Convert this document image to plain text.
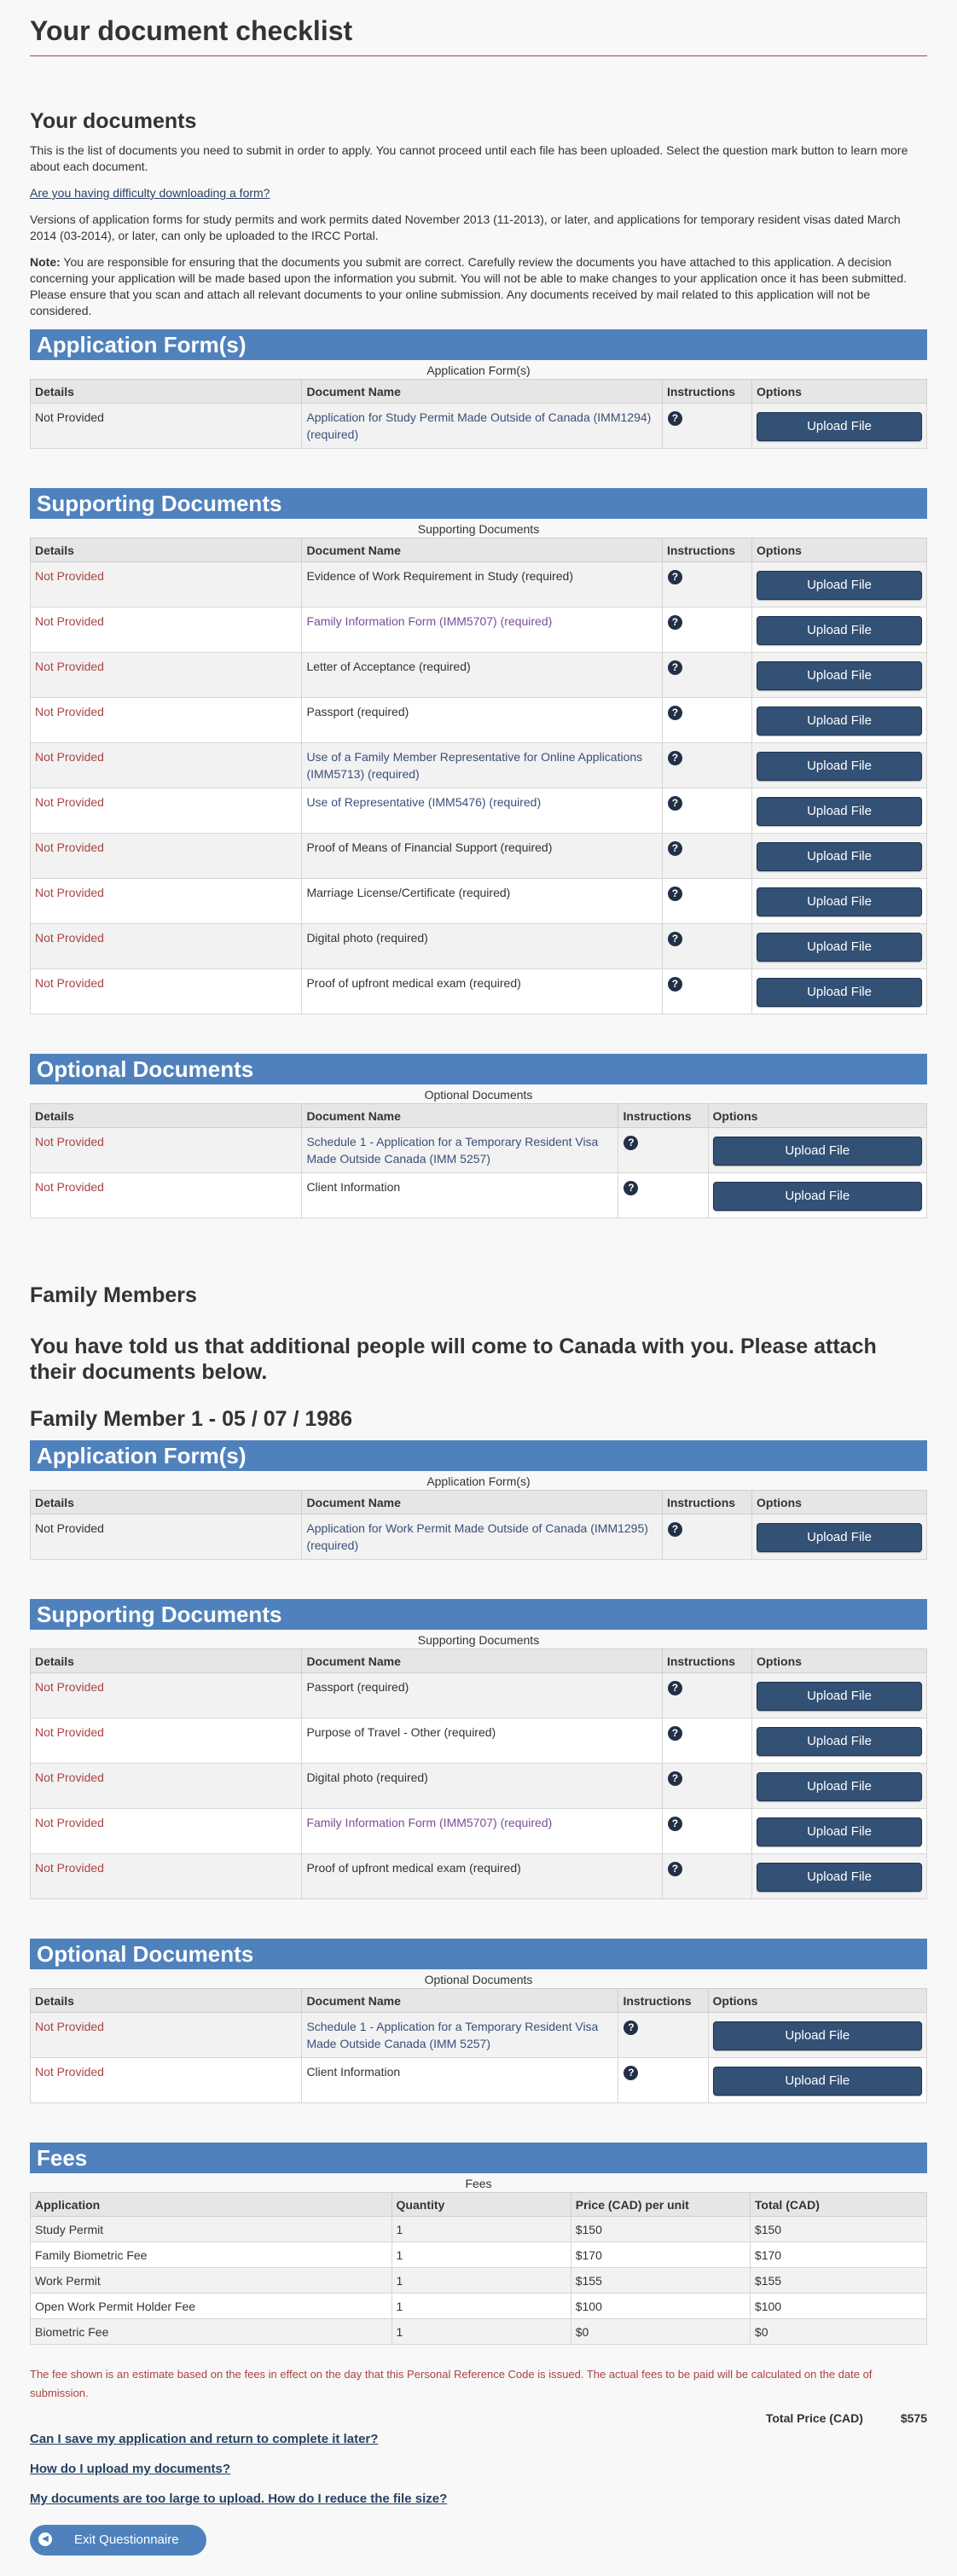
Your document checklist
Your documents

This is the list of documents you need to submit in order to apply. You cannot proceed until each file has been uploaded. Select the question mark button to learn more about each document.

Are you having difficulty downloading a form?

Versions of application forms for study permits and work permits dated November 2013 (11-2013), or later, and applications for temporary resident visas dated March 2014 (03-2014), or later, can only be uploaded to the IRCC Portal.

Note: You are responsible for ensuring that the documents you submit are correct. Carefully review the documents you have attached to this application. A decision concerning your application will be made based upon the information you submit. You will not be able to make changes to your application once it has been submitted. Please ensure that you scan and attach all relevant documents to your online submission. Any documents received by mail related to this application will not be considered.

Application Form(s)
Application Form(s)
Details	Document Name	Instructions	Options
Not Provided	Application for Study Permit Made Outside of Canada (IMM1294) (required)	?	Upload File
Supporting Documents
Supporting Documents
Details	Document Name	Instructions	Options
Not Provided	Evidence of Work Requirement in Study (required)	?	Upload File

Not Provided	Family Information Form (IMM5707) (required)	?	Upload File

Not Provided	Letter of Acceptance (required)	?	Upload File

Not Provided	Passport (required)	?	Upload File

Not Provided	Use of a Family Member Representative for Online Applications (IMM5713) (required)	?	Upload File

Not Provided	Use of Representative (IMM5476) (required)	?	Upload File

Not Provided	Proof of Means of Financial Support (required)	?	Upload File

Not Provided	Marriage License/Certificate (required)	?	Upload File

Not Provided	Digital photo (required)	?	Upload File

Not Provided	Proof of upfront medical exam (required)	?	Upload File
Optional Documents
Optional Documents
Details	Document Name	Instructions	Options
Not Provided	Schedule 1 - Application for a Temporary Resident Visa Made Outside Canada (IMM 5257)	?	Upload File

Not Provided	Client Information	?	Upload File
Family Members
You have told us that additional people will come to Canada with you. Please attach their documents below.
Family Member 1 - 05 / 07 / 1986
Application Form(s)
Application Form(s)
Details	Document Name	Instructions	Options
Not Provided	Application for Work Permit Made Outside of Canada (IMM1295) (required)	?	Upload File
Supporting Documents
Supporting Documents
Details	Document Name	Instructions	Options
Not Provided	Passport (required)	?	Upload File

Not Provided	Purpose of Travel - Other (required)	?	Upload File

Not Provided	Digital photo (required)	?	Upload File

Not Provided	Family Information Form (IMM5707) (required)	?	Upload File

Not Provided	Proof of upfront medical exam (required)	?	Upload File
Optional Documents
Optional Documents
Details	Document Name	Instructions	Options
Not Provided	Schedule 1 - Application for a Temporary Resident Visa Made Outside Canada (IMM 5257)	?	Upload File

Not Provided	Client Information	?	Upload File
Fees
Fees
Application	Quantity	Price (CAD) per unit	Total (CAD)
Study Permit	1	$150	$150
Family Biometric Fee	1	$170	$170
Work Permit	1	$155	$155
Open Work Permit Holder Fee	1	$100	$100
Biometric Fee	1	$0	$0
The fee shown is an estimate based on the fees in effect on the day that this Personal Reference Code is issued. The actual fees to be paid will be calculated on the date of submission.
Total Price (CAD)	$575
Can I save my application and return to complete it later?
How do I upload my documents?
My documents are too large to upload. How do I reduce the file size?
◀ Exit Questionnaire
